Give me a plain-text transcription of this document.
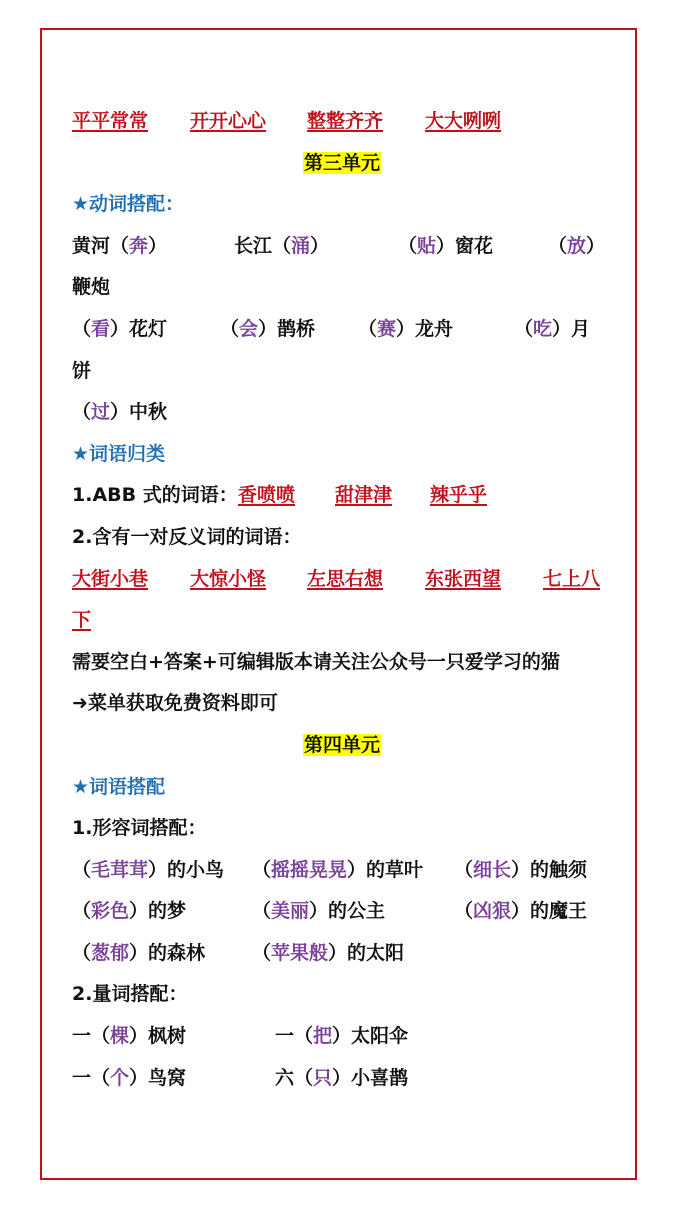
平平常常 开开心心 整整齐齐 大大咧咧
第三单元
★动词搭配：
黄河（奔）	长江（涌）	（贴）窗花	（放）
鞭炮
（看）花灯	（会）鹊桥 （赛）龙舟	（吃）月
饼
（过）中秋
★词语归类
1.ABB 式的词语： 香喷喷 甜津津 辣乎乎
2.含有一对反义词的词语：
大街小巷 大惊小怪 左思右想 东张西望 七上八
下
需要空白+答案+可编辑版本请关注公众号一只爱学习的猫
➜菜单获取免费资料即可
第四单元
★词语搭配
1.形容词搭配：
（毛茸茸）的小鸟 （摇摇晃晃）的草叶 （细长）的触须
（彩色）的梦	（美丽）的公主	（凶狠）的魔王
（葱郁）的森林 （苹果般）的太阳
2.量词搭配：
一（棵）枫树	一（把）太阳伞
一（个）鸟窝	六（只）小喜鹊
